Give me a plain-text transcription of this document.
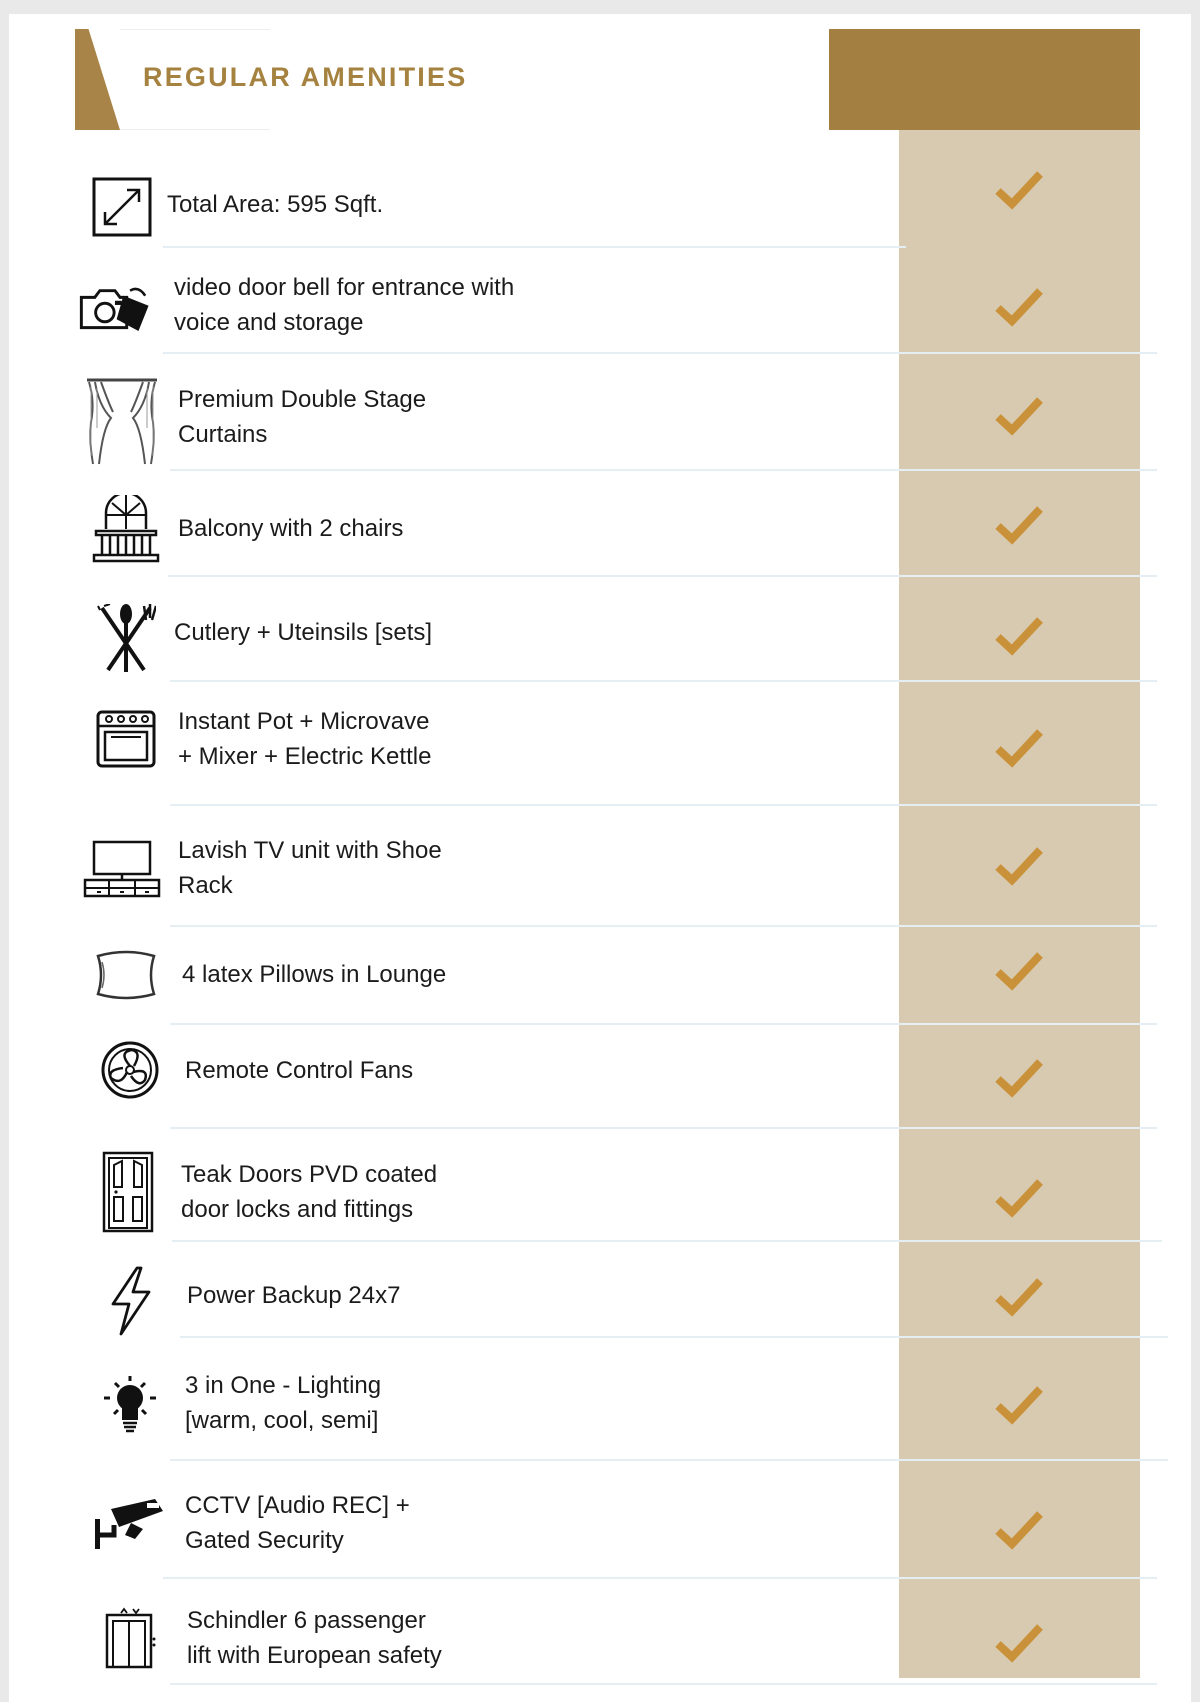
REGULAR AMENITIES
Total Area: 595 Sqft.
video door bell for entrance with
voice and storage
Premium Double Stage
Curtains
Balcony with 2 chairs
Cutlery + Uteinsils [sets]
Instant Pot + Microvave
+ Mixer + Electric Kettle
Lavish TV unit with Shoe
Rack
4 latex Pillows in Lounge
Remote Control Fans
Teak Doors PVD coated
door locks and fittings
Power Backup 24x7
3 in One - Lighting
[warm, cool, semi]
CCTV [Audio REC] +
Gated Security
Schindler 6 passenger
lift with European safety
